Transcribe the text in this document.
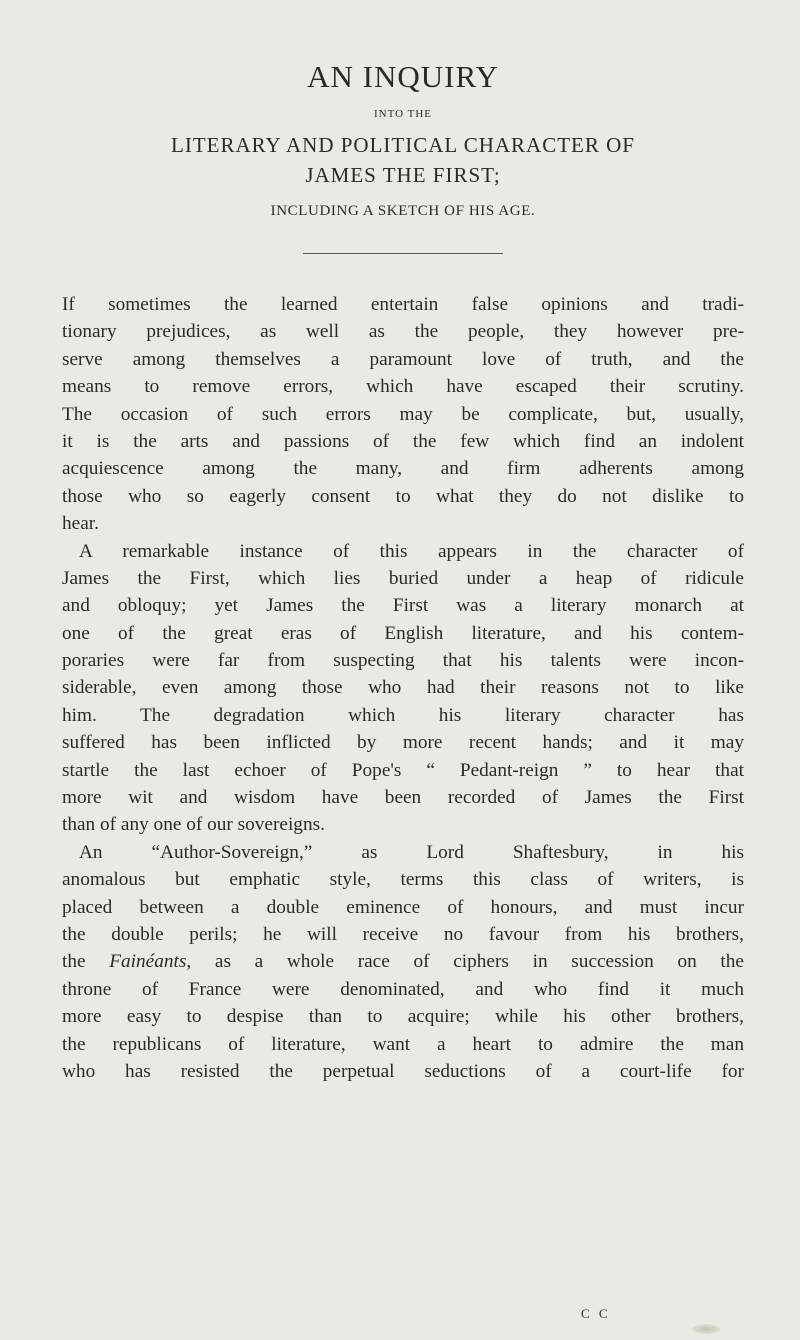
AN INQUIRY
INTO THE
LITERARY AND POLITICAL CHARACTER OF
JAMES THE FIRST;
INCLUDING A SKETCH OF HIS AGE.
If sometimes the learned entertain false opinions and tradi-
tionary prejudices, as well as the people, they however pre-
serve among themselves a paramount love of truth, and the
means to remove errors, which have escaped their scrutiny.
The occasion of such errors may be complicate, but, usually,
it is the arts and passions of the few which find an indolent
acquiescence among the many, and firm adherents among
those who so eagerly consent to what they do not dislike to
hear.
A remarkable instance of this appears in the character of
James the First, which lies buried under a heap of ridicule
and obloquy; yet James the First was a literary monarch at
one of the great eras of English literature, and his contem-
poraries were far from suspecting that his talents were incon-
siderable, even among those who had their reasons not to like
him. The degradation which his literary character has
suffered has been inflicted by more recent hands; and it may
startle the last echoer of Pope's “ Pedant-reign ” to hear that
more wit and wisdom have been recorded of James the First
than of any one of our sovereigns.
An “Author-Sovereign,” as Lord Shaftesbury, in his
anomalous but emphatic style, terms this class of writers, is
placed between a double eminence of honours, and must incur
the double perils; he will receive no favour from his brothers,
the Fainéants, as a whole race of ciphers in succession on the
throne of France were denominated, and who find it much
more easy to despise than to acquire; while his other brothers,
the republicans of literature, want a heart to admire the man
who has resisted the perpetual seductions of a court-life for
C C
